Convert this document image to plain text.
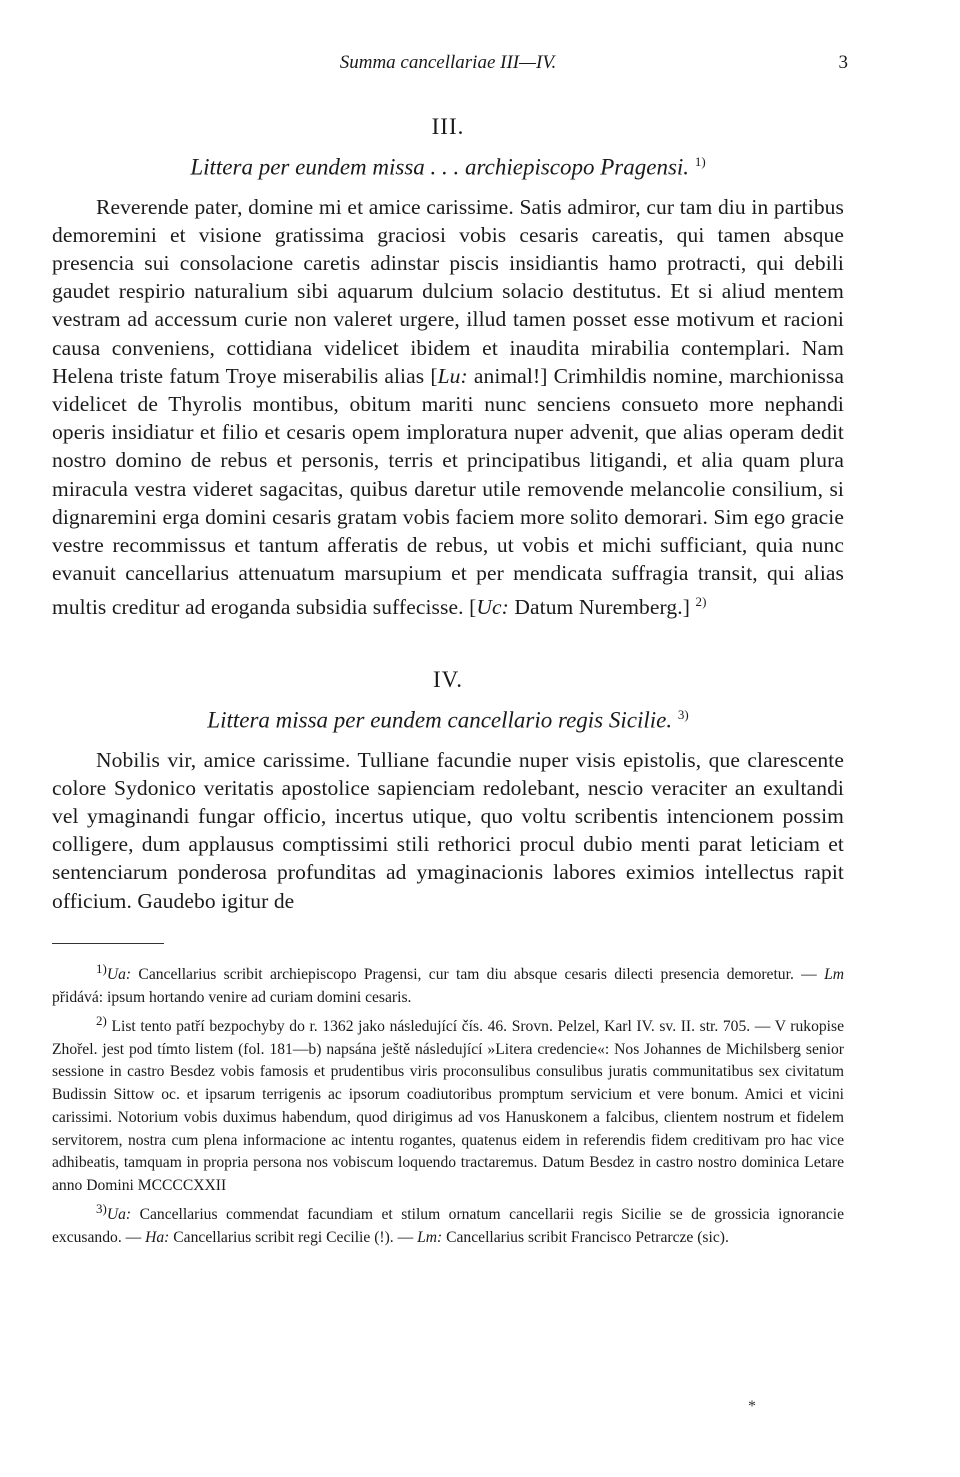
Summa cancellariae III—IV.	3
III.
Littera per eundem missa . . . archiepiscopo Pragensi. $^{1)}$

Reverende pater, domine mi et amice carissime. Satis admiror, cur tam diu in partibus demoremini et visione gratissima graciosi vobis cesaris careatis, qui tamen absque presencia sui consolacione caretis adinstar piscis insidiantis hamo protracti, qui debili gaudet respirio naturalium sibi aquarum dulcium solacio destitutus. Et si aliud mentem vestram ad accessum curie non valeret urgere, illud tamen posset esse motivum et racioni causa conveniens, cottidiana videlicet ibidem et inaudita mirabilia contemplari. Nam Helena triste fatum Troye miserabilis alias [Lu: animal!] Crimhildis nomine, marchionissa videlicet de Thyrolis montibus, obitum mariti nunc senciens consueto more nephandi operis insidiatur et filio et cesaris opem imploratura nuper advenit, que alias operam dedit nostro domino de rebus et personis, terris et principatibus litigandi, et alia quam plura miracula vestra videret sagacitas, quibus daretur utile removende melancolie consilium, si dignaremini erga domini cesaris gratam vobis faciem more solito demorari. Sim ego gracie vestre recommissus et tantum afferatis de rebus, ut vobis et michi sufficiant, quia nunc evanuit cancellarius attenuatum marsupium et per mendicata suffragia transit, qui alias multis creditur ad eroganda subsidia suffecisse. [Uc: Datum Nuremberg.] $^{2)}$

IV.
Littera missa per eundem cancellario regis Sicilie. $^{3)}$

Nobilis vir, amice carissime. Tulliane facundie nuper visis epistolis, que clarescente colore Sydonico veritatis apostolice sapienciam redolebant, nescio veraciter an exultandi vel ymaginandi fungar officio, incertus utique, quo voltu scribentis intencionem possim colligere, dum applausus comptissimi stili rethorici procul dubio menti parat leticiam et sentenciarum ponderosa profunditas ad ymaginacionis labores eximios intellectus rapit officium. Gaudebo igitur de

$^{1)}$Ua: Cancellarius scribit archiepiscopo Pragensi, cur tam diu absque cesaris dilecti presencia demoretur. — Lm přidává: ipsum hortando venire ad curiam domini cesaris.

$^{2)}$ List tento patří bezpochyby do r. 1362 jako následující čís. 46. Srovn. Pelzel, Karl IV. sv. II. str. 705. — V rukopise Zhořel. jest pod tímto listem (fol. 181—b) napsána ještě následující »Litera credencie«: Nos Johannes de Michilsberg senior sessione in castro Besdez vobis famosis et prudentibus viris proconsulibus consulibus juratis communitatibus sex civitatum Budissin Sittow oc. et ipsarum terrigenis ac ipsorum coadiutoribus promptum servicium et vere bonum. Amici et vicini carissimi. Notorium vobis duximus habendum, quod dirigimus ad vos Hanuskonem a falcibus, clientem nostrum et fidelem servitorem, nostra cum plena informacione ac intentu rogantes, quatenus eidem in referendis fidem creditivam pro hac vice adhibeatis, tamquam in propria persona nos vobiscum loquendo tractaremus. Datum Besdez in castro nostro dominica Letare anno Domini MCCCCXXII

$^{3)}$Ua: Cancellarius commendat facundiam et stilum ornatum cancellarii regis Sicilie se de grossicia ignorancie excusando. — Ha: Cancellarius scribit regi Cecilie (!). — Lm: Cancellarius scribit Francisco Petrarcze (sic).

*
